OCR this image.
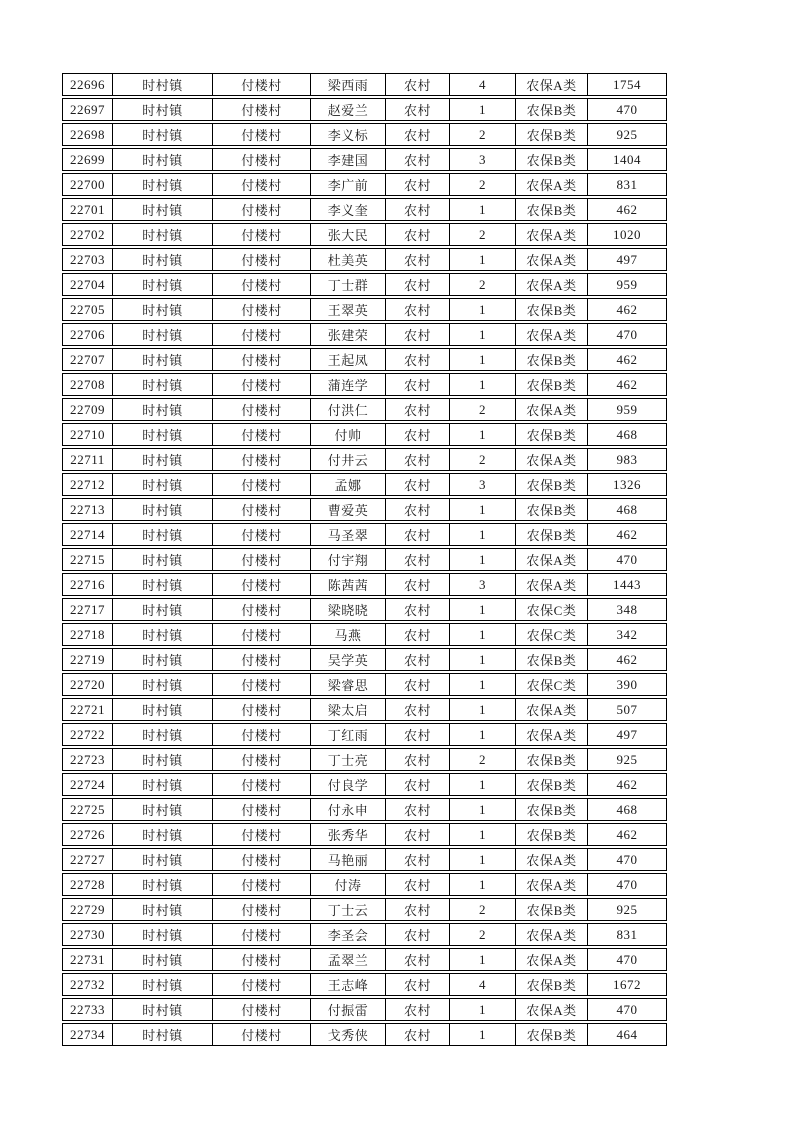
22696	时村镇	付楼村	梁西雨	农村	4	农保A类	1754
22697	时村镇	付楼村	赵爱兰	农村	1	农保B类	470
22698	时村镇	付楼村	李义标	农村	2	农保B类	925
22699	时村镇	付楼村	李建国	农村	3	农保B类	1404
22700	时村镇	付楼村	李广前	农村	2	农保A类	831
22701	时村镇	付楼村	李义奎	农村	1	农保B类	462
22702	时村镇	付楼村	张大民	农村	2	农保A类	1020
22703	时村镇	付楼村	杜美英	农村	1	农保A类	497
22704	时村镇	付楼村	丁士群	农村	2	农保A类	959
22705	时村镇	付楼村	王翠英	农村	1	农保B类	462
22706	时村镇	付楼村	张建荣	农村	1	农保A类	470
22707	时村镇	付楼村	王起凤	农村	1	农保B类	462
22708	时村镇	付楼村	蒲连学	农村	1	农保B类	462
22709	时村镇	付楼村	付洪仁	农村	2	农保A类	959
22710	时村镇	付楼村	付帅	农村	1	农保B类	468
22711	时村镇	付楼村	付井云	农村	2	农保A类	983
22712	时村镇	付楼村	孟娜	农村	3	农保B类	1326
22713	时村镇	付楼村	曹爱英	农村	1	农保B类	468
22714	时村镇	付楼村	马圣翠	农村	1	农保B类	462
22715	时村镇	付楼村	付宇翔	农村	1	农保A类	470
22716	时村镇	付楼村	陈茜茜	农村	3	农保A类	1443
22717	时村镇	付楼村	梁晓晓	农村	1	农保C类	348
22718	时村镇	付楼村	马燕	农村	1	农保C类	342
22719	时村镇	付楼村	吴学英	农村	1	农保B类	462
22720	时村镇	付楼村	梁睿思	农村	1	农保C类	390
22721	时村镇	付楼村	梁太启	农村	1	农保A类	507
22722	时村镇	付楼村	丁红雨	农村	1	农保A类	497
22723	时村镇	付楼村	丁士亮	农村	2	农保B类	925
22724	时村镇	付楼村	付良学	农村	1	农保B类	462
22725	时村镇	付楼村	付永申	农村	1	农保B类	468
22726	时村镇	付楼村	张秀华	农村	1	农保B类	462
22727	时村镇	付楼村	马艳丽	农村	1	农保A类	470
22728	时村镇	付楼村	付涛	农村	1	农保A类	470
22729	时村镇	付楼村	丁士云	农村	2	农保B类	925
22730	时村镇	付楼村	李圣会	农村	2	农保A类	831
22731	时村镇	付楼村	孟翠兰	农村	1	农保A类	470
22732	时村镇	付楼村	王志峰	农村	4	农保B类	1672
22733	时村镇	付楼村	付振雷	农村	1	农保A类	470
22734	时村镇	付楼村	戈秀侠	农村	1	农保B类	464
